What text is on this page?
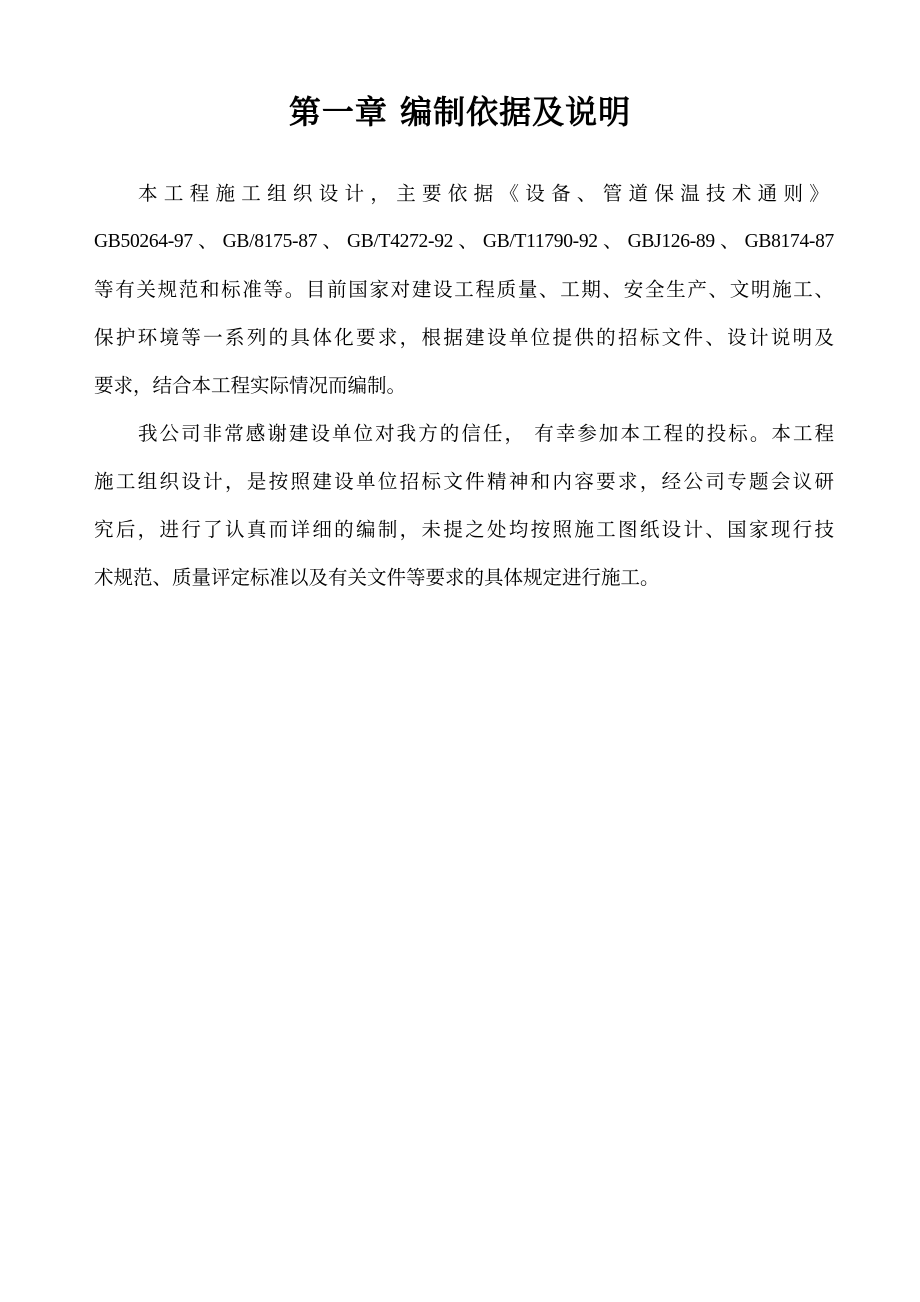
第一章 编制依据及说明
本工程施工组织设计，主要依据《设备、管道保温技术通则》
GB50264-97、GB/8175-87、GB/T4272-92、GB/T11790-92、GBJ126-89、GB8174-87
等有关规范和标准等。目前国家对建设工程质量、工期、安全生产、文明施工、
保护环境等一系列的具体化要求，根据建设单位提供的招标文件、设计说明及
要求，结合本工程实际情况而编制。
我公司非常感谢建设单位对我方的信任， 有幸参加本工程的投标。本工程
施工组织设计，是按照建设单位招标文件精神和内容要求，经公司专题会议研
究后，进行了认真而详细的编制，未提之处均按照施工图纸设计、国家现行技
术规范、质量评定标准以及有关文件等要求的具体规定进行施工。
